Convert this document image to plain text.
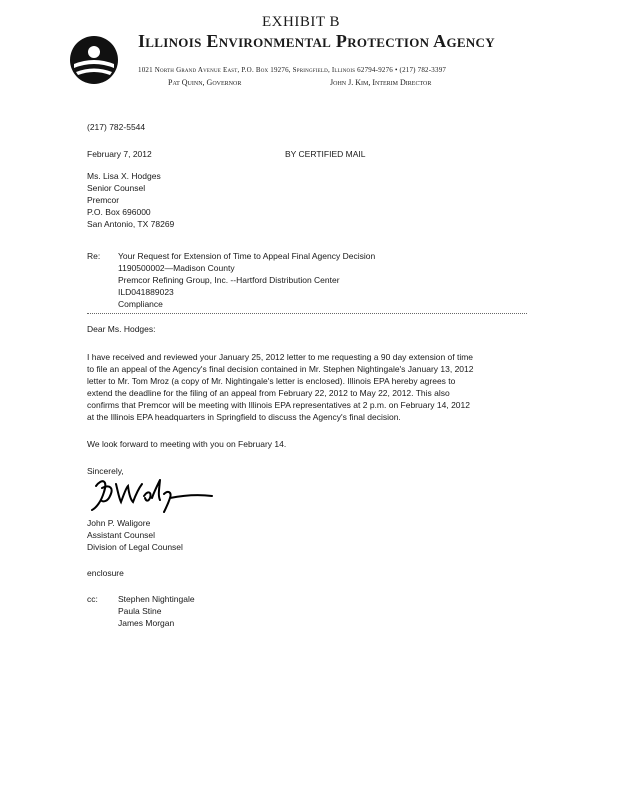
EXHIBIT B
Illinois Environmental Protection Agency
1021 North Grand Avenue East, P.O. Box 19276, Springfield, Illinois 62794-9276 • (217) 782-3397
Pat Quinn, Governor	John J. Kim, Interim Director
(217) 782-5544
February 7, 2012	BY CERTIFIED MAIL
Ms. Lisa X. Hodges
Senior Counsel
Premcor
P.O. Box 696000
San Antonio, TX 78269
Re: Your Request for Extension of Time to Appeal Final Agency Decision
1190500002—Madison County
Premcor Refining Group, Inc. --Hartford Distribution Center
ILD041889023
Compliance
Dear Ms. Hodges:
I have received and reviewed your January 25, 2012 letter to me requesting a 90 day extension of time
to file an appeal of the Agency's final decision contained in Mr. Stephen Nightingale's January 13, 2012
letter to Mr. Tom Mroz (a copy of Mr. Nightingale's letter is enclosed). Illinois EPA hereby agrees to
extend the deadline for the filing of an appeal from February 22, 2012 to May 22, 2012. This also
confirms that Premcor will be meeting with Illinois EPA representatives at 2 p.m. on February 14, 2012
at the Illinois EPA headquarters in Springfield to discuss the Agency's final decision.
We look forward to meeting with you on February 14.
Sincerely,
John P. Waligore
Assistant Counsel
Division of Legal Counsel
enclosure
cc: Stephen Nightingale
Paula Stine
James Morgan
